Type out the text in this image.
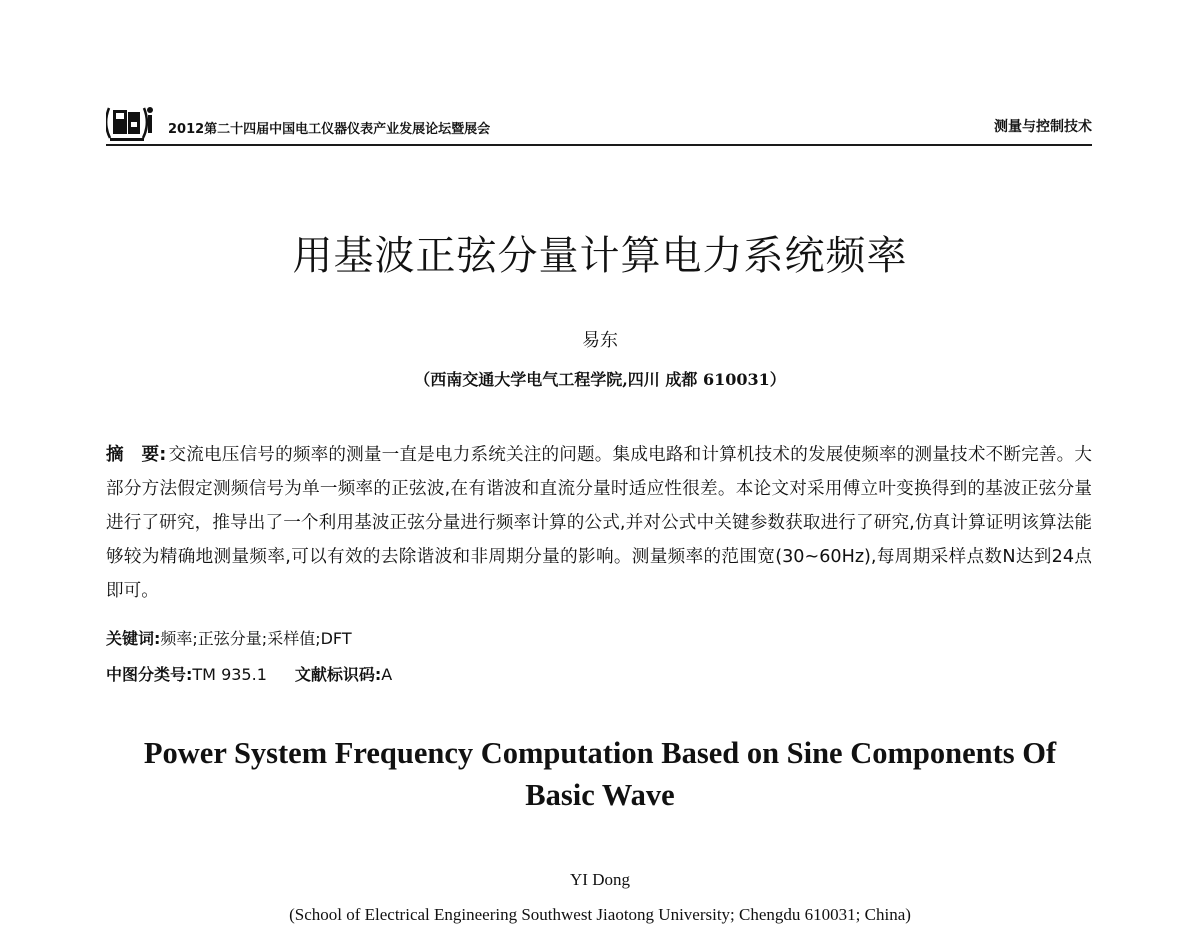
2012第二十四届中国电工仪器仪表产业发展论坛暨展会	测量与控制技术
用基波正弦分量计算电力系统频率
易东
（西南交通大学电气工程学院,四川 成都 610031）
摘　要: 交流电压信号的频率的测量一直是电力系统关注的问题。集成电路和计算机技术的发展使频率的测量技术不断完善。大部分方法假定测频信号为单一频率的正弦波,在有谐波和直流分量时适应性很差。本论文对采用傅立叶变换得到的基波正弦分量进行了研究，推导出了一个利用基波正弦分量进行频率计算的公式,并对公式中关键参数获取进行了研究,仿真计算证明该算法能够较为精确地测量频率,可以有效的去除谐波和非周期分量的影响。测量频率的范围宽(30~60Hz),每周期采样点数N达到24点即可。
关键词:频率;正弦分量;采样值;DFT
中图分类号:TM 935.1 文献标识码:A
Power System Frequency Computation Based on Sine Components Of Basic Wave
YI Dong
(School of Electrical Engineering Southwest Jiaotong University; Chengdu 610031; China)
